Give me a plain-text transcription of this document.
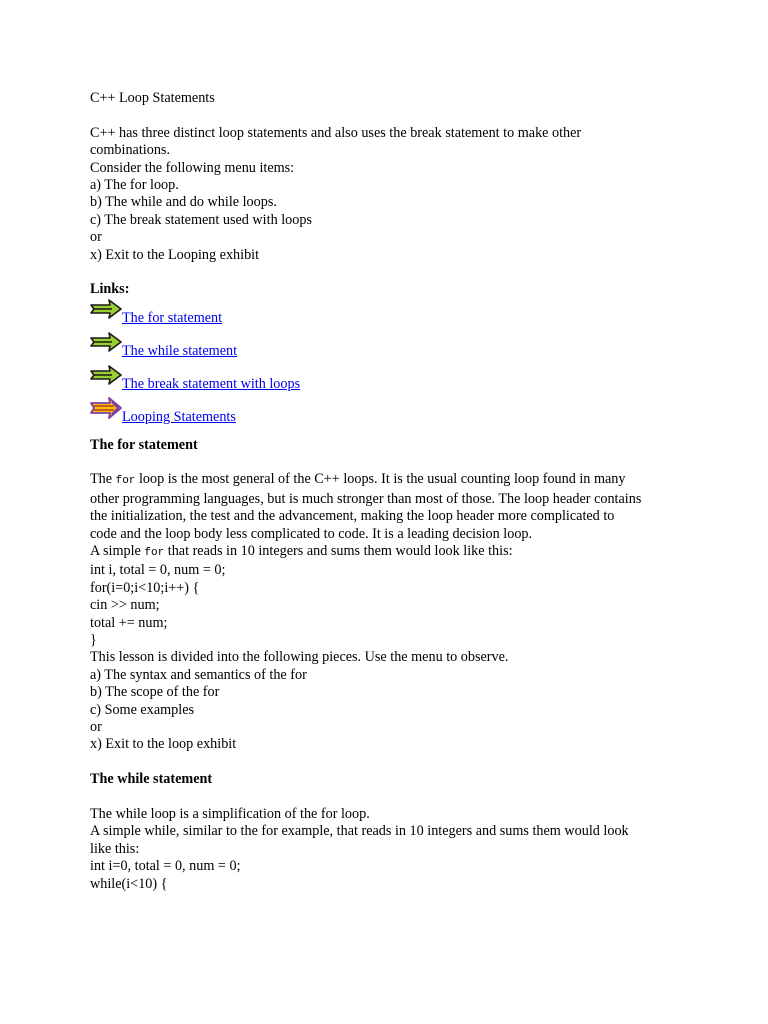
C++ Loop Statements
C++ has three distinct loop statements and also uses the break statement to make other
combinations.
Consider the following menu items:
a) The for loop.
b) The while and do while loops.
c) The break statement used with loops
or
x) Exit to the Looping exhibit
Links:
The for statement
The while statement
The break statement with loops
Looping Statements
The for statement
The for loop is the most general of the C++ loops. It is the usual counting loop found in many
other programming languages, but is much stronger than most of those. The loop header contains
the initialization, the test and the advancement, making the loop header more complicated to
code and the loop body less complicated to code. It is a leading decision loop.
A simple for that reads in 10 integers and sums them would look like this:
int i, total = 0, num = 0;
for(i=0;i<10;i++) {
cin >> num;
total += num;
}
This lesson is divided into the following pieces. Use the menu to observe.
a) The syntax and semantics of the for
b) The scope of the for
c) Some examples
or
x) Exit to the loop exhibit
The while statement
The while loop is a simplification of the for loop.
A simple while, similar to the for example, that reads in 10 integers and sums them would look
like this:
int i=0, total = 0, num = 0;
while(i<10) {
